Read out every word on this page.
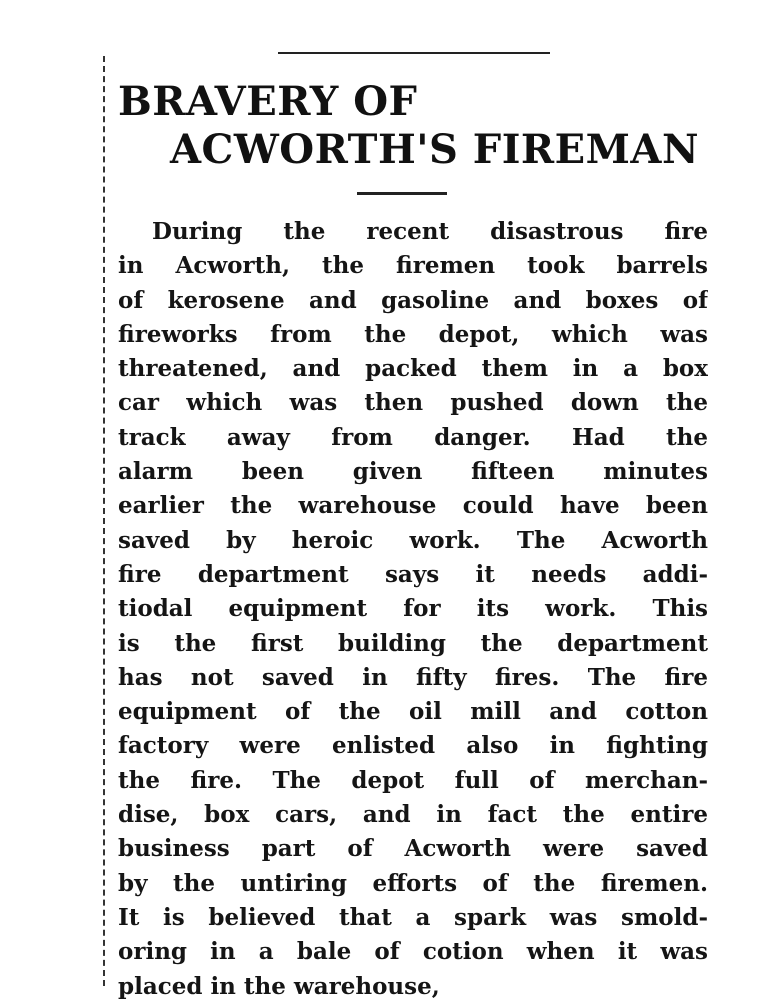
BRAVERY OF
ACWORTH'S FIREMAN
During the recent disastrous fire
in Acworth, the firemen took barrels
of kerosene and gasoline and boxes of
fireworks from the depot, which was
threatened, and packed them in a box
car which was then pushed down the
track away from danger. Had the
alarm been given fifteen minutes
earlier the warehouse could have been
saved by heroic work. The Acworth
fire department says it needs addi-
tiodal equipment for its work. This
is the first building the department
has not saved in fifty fires. The fire
equipment of the oil mill and cotton
factory were enlisted also in fighting
the fire. The depot full of merchan-
dise, box cars, and in fact the entire
business part of Acworth were saved
by the untiring efforts of the firemen.
It is believed that a spark was smold-
oring in a bale of cotion when it was
placed in the warehouse,
